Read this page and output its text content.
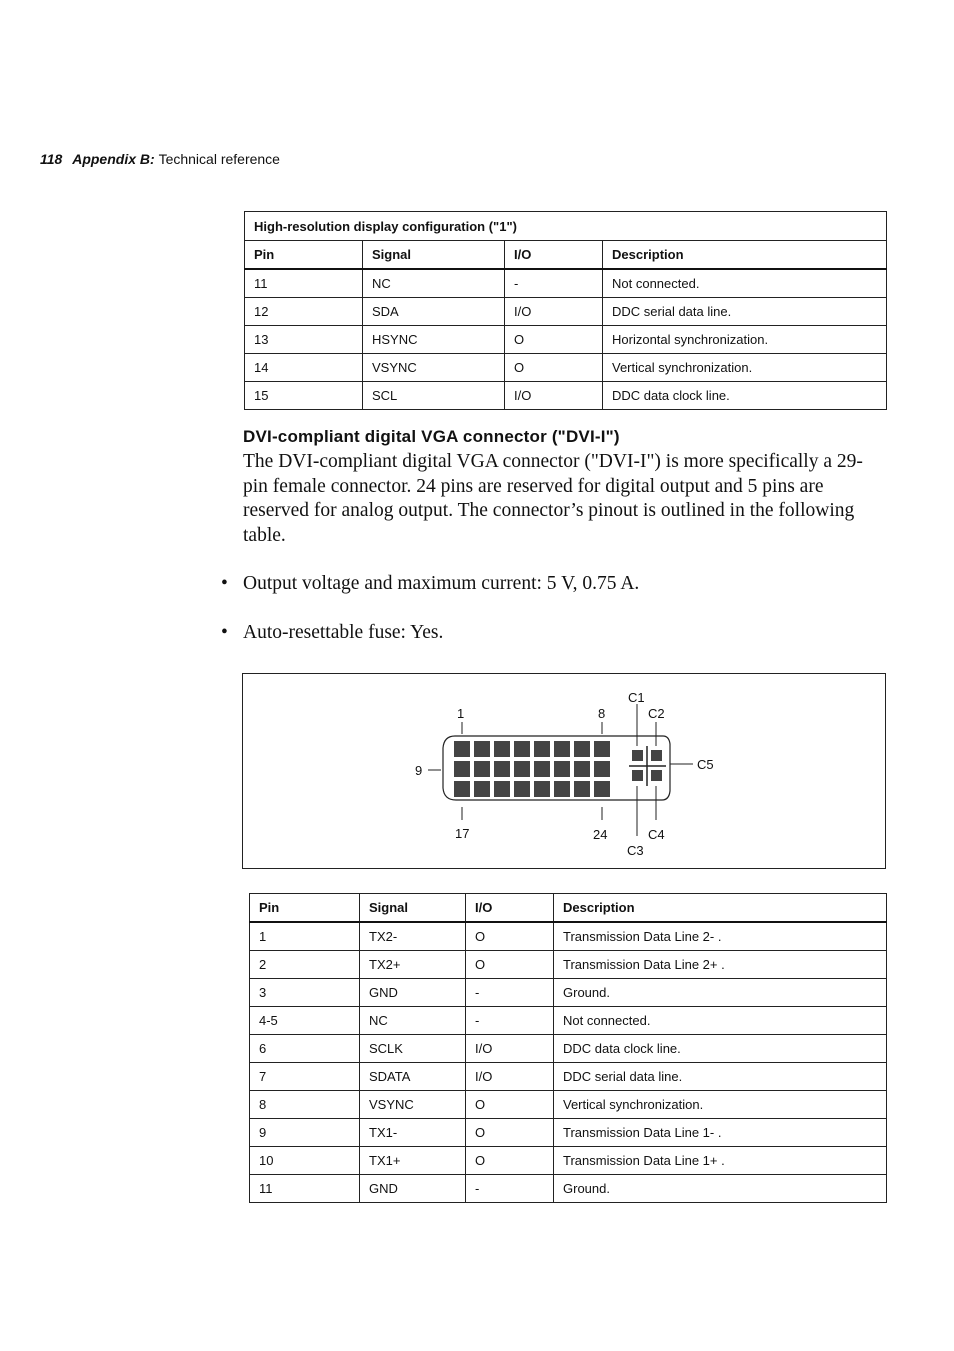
118 Appendix B: Technical reference
High-resolution display configuration ("1")			
Pin	Signal	I/O	Description
11	NC	-	Not connected.
12	SDA	I/O	DDC serial data line.
13	HSYNC	O	Horizontal synchronization.
14	VSYNC	O	Vertical synchronization.
15	SCL	I/O	DDC data clock line.
DVI-compliant digital VGA connector ("DVI-I")
The DVI-compliant digital VGA connector ("DVI-I") is more specifically a 29-pin female connector. 24 pins are reserved for digital output and 5 pins are reserved for analog output. The connector’s pinout is outlined in the following table.
• Output voltage and maximum current: 5 V, 0.75 A.
• Auto-resettable fuse: Yes.
1	8
9
17	24
C1
C2
C3
C4
C5
Pin	Signal	I/O	Description
1	TX2-	O	Transmission Data Line 2- .
2	TX2+	O	Transmission Data Line 2+ .
3	GND	-	Ground.
4-5	NC	-	Not connected.
6	SCLK	I/O	DDC data clock line.
7	SDATA	I/O	DDC serial data line.
8	VSYNC	O	Vertical synchronization.
9	TX1-	O	Transmission Data Line 1- .
10	TX1+	O	Transmission Data Line 1+ .
11	GND	-	Ground.
